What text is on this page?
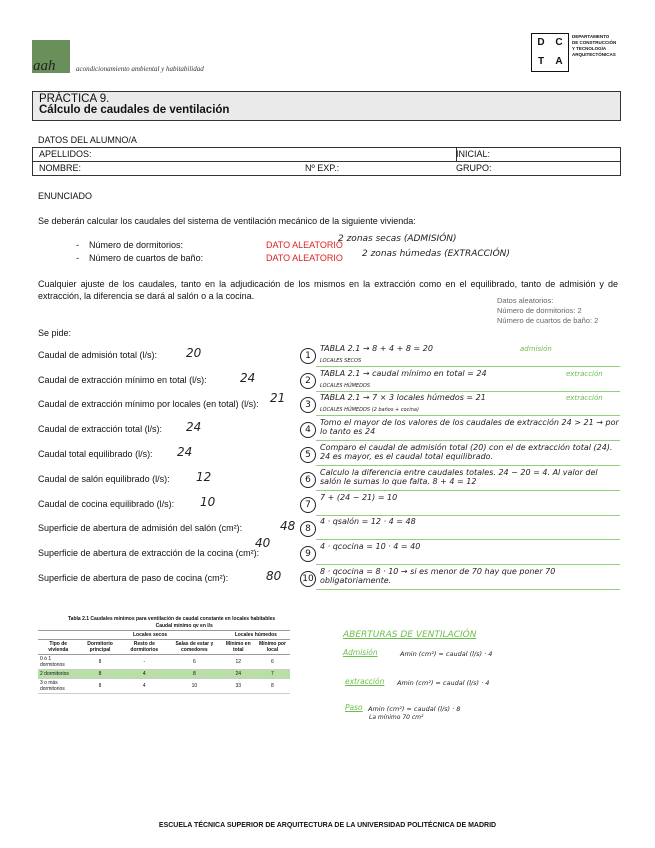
aah	acondicionamiento ambiental y habitabilidad
D	C
T	A
DEPARTAMENTO
DE CONSTRUCCIÓN
Y TECNOLOGÍA
ARQUITECTÓNICAS
PRÁCTICA 9.
Cálculo de caudales de ventilación
DATOS DEL ALUMNO/A
APELLIDOS:	INICIAL:
NOMBRE:	Nº EXP.:	GRUPO:
ENUNCIADO
Se deberán calcular los caudales del sistema de ventilación mecánico de la siguiente vivienda:
-    Número de dormitorios:	DATO ALEATORIO
2 zonas secas (ADMISIÓN)
-    Número de cuartos de baño:	DATO ALEATORIO 2 zonas húmedas (EXTRACCIÓN)
Cualquier ajuste de los caudales, tanto en la adjudicación de los mismos en la extracción como en el equilibrado, tanto de admisión y de extracción, la diferencia se dará al salón o a la cocina.	Datos aleatorios:
Número de dormitorios: 2
Número de cuartos de baño: 2
Se pide:
Caudal de admisión total (l/s): 20	1
TABLA 2.1 → 8 + 4 + 8 = 20
LOCALES SECOS
admisión
Caudal de extracción mínimo en total (l/s):	24	2
TABLA 2.1 → caudal mínimo en total = 24
LOCALES HÚMEDOS
extracción
Caudal de extracción mínimo por locales (en total) (l/s): 21	3
TABLA 2.1 → 7 × 3 locales húmedos = 21
LOCALES HÚMEDOS (2 baños + cocina)
extracción
Caudal de extracción total (l/s): 24	4
Tomo el mayor de los valores de los caudales de extracción 24 > 21 → por lo tanto es 24
Caudal total equilibrado (l/s): 24	5
Comparo el caudal de admisión total (20) con el de extracción total (24). 24 es mayor, es el caudal total equilibrado.
Caudal de salón equilibrado (l/s): 12	6
Calculo la diferencia entre caudales totales. 24 − 20 = 4. Al valor del salón le sumas lo que falta. 8 + 4 = 12
Caudal de cocina equilibrado (l/s): 10	7
7 + (24 − 21) = 10
Superficie de abertura de admisión del salón (cm²):	48	8
4 · qsalón = 12 · 4 = 48
Superficie de abertura de extracción de la cocina (cm²):
40
9
4 · qcocina = 10 · 4 = 40
Superficie de abertura de paso de cocina (cm²):	80 10
8 · qcocina = 8 · 10 → si es menor de 70 hay que poner 70 obligatoriamente.
Tabla 2.1 Caudales mínimos para ventilación de caudal constante en locales habitables
	Caudal mínimo qv en l/s				
	Locales secos			Locales húmedos	
Tipo de vivienda	Dormitorio principal	Resto de dormitorios	Salas de estar y comedores	Mínimo en total	Mínimo por local
0 ó 1 dormitorios	8	-	6	12	6
2 dormitorios	8	4	8	24	7
3 o más dormitorios	8	4	10	33	8
ABERTURAS DE VENTILACIÓN
Admisión	Amin (cm²) = caudal (l/s) · 4
extracción Amin (cm²) = caudal (l/s) · 4
Paso Amin (cm²) = caudal (l/s) · 8
La mínimo 70 cm²
ESCUELA TÉCNICA SUPERIOR DE ARQUITECTURA DE LA UNIVERSIDAD POLITÉCNICA DE MADRID
